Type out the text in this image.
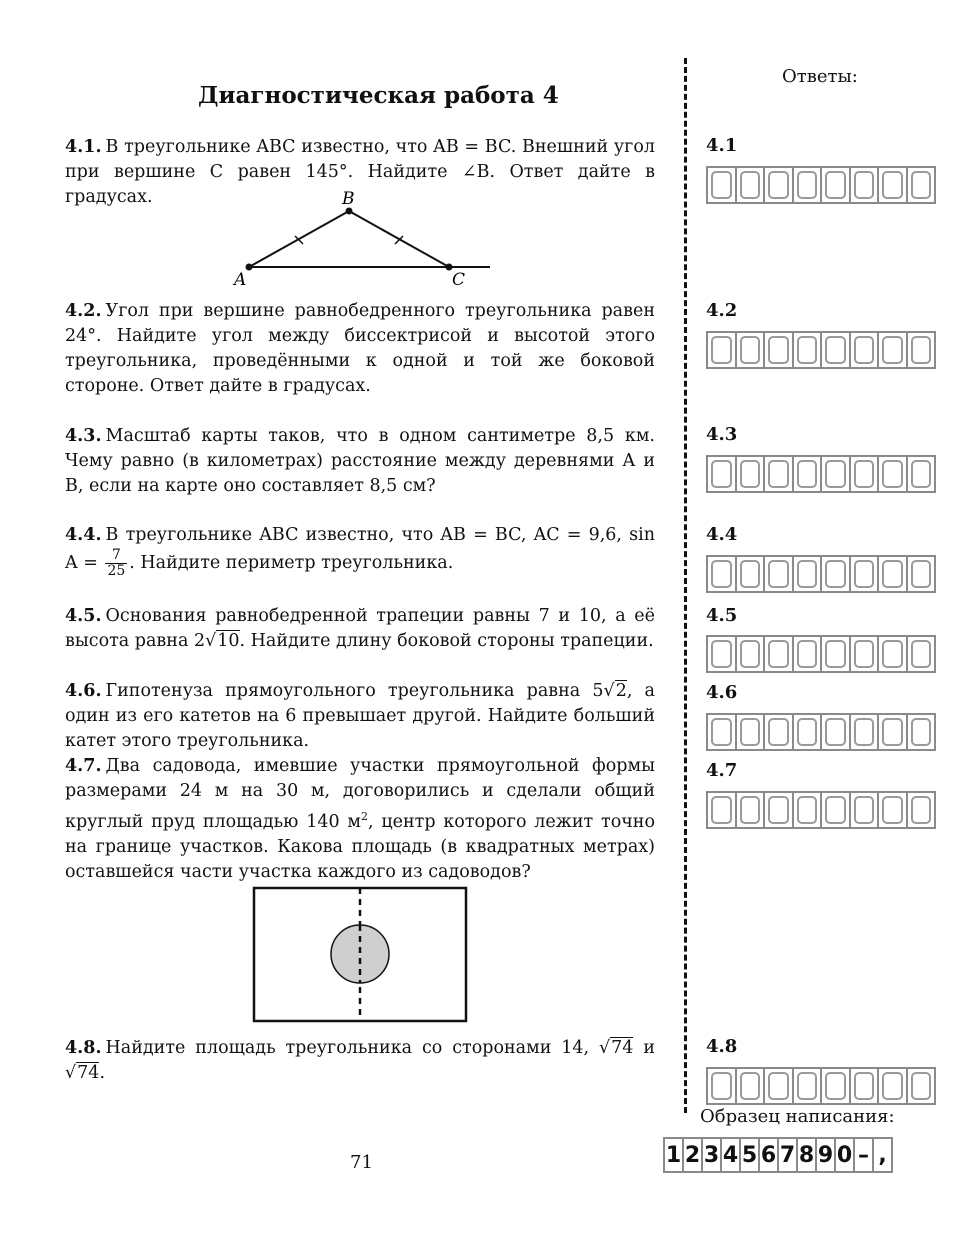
Диагностическая работа 4
4.1. В треугольнике ABC известно, что AB = BC. Внешний угол при вершине C равен 145°. Найдите ∠B. Ответ дайте в градусах.
A
B
C
4.2. Угол при вершине равнобедренного треугольника равен 24°. Найдите угол между биссектрисой и высотой этого треугольника, проведёнными к одной и той же боковой стороне. Ответ дайте в градусах.
4.3. Масштаб карты таков, что в одном сантиметре 8,5 км. Чему равно (в километрах) расстояние между деревнями А и В, если на карте оно составляет 8,5 см?
4.4. В треугольнике ABC известно, что AB = BC, AC = 9,6, $\sin A = \frac{7}{25}$ . Найдите периметр треугольника.
4.5. Основания равнобедренной трапеции равны 7 и 10, а её высота равна 2√10. Найдите длину боковой стороны трапеции.
4.6. Гипотенуза прямоугольного треугольника равна 5√2, а один из его катетов на 6 превышает другой. Найдите больший катет этого треугольника.
4.7. Два садовода, имевшие участки прямоугольной формы размерами 24 м на 30 м, договорились и сделали общий круглый пруд площадью 140 $м^2$, центр которого лежит точно на границе участков. Какова площадь (в квадратных метрах) оставшейся части участка каждого из садоводов?
4.8. Найдите площадь треугольника со сторонами 14, √74 и √74.
71
Ответы:
4.1
4.2
4.3
4.4
4.5
4.6
4.7
4.8
Образец написания:
1 2 3 4 5 6 7 8 9 0 – ,
